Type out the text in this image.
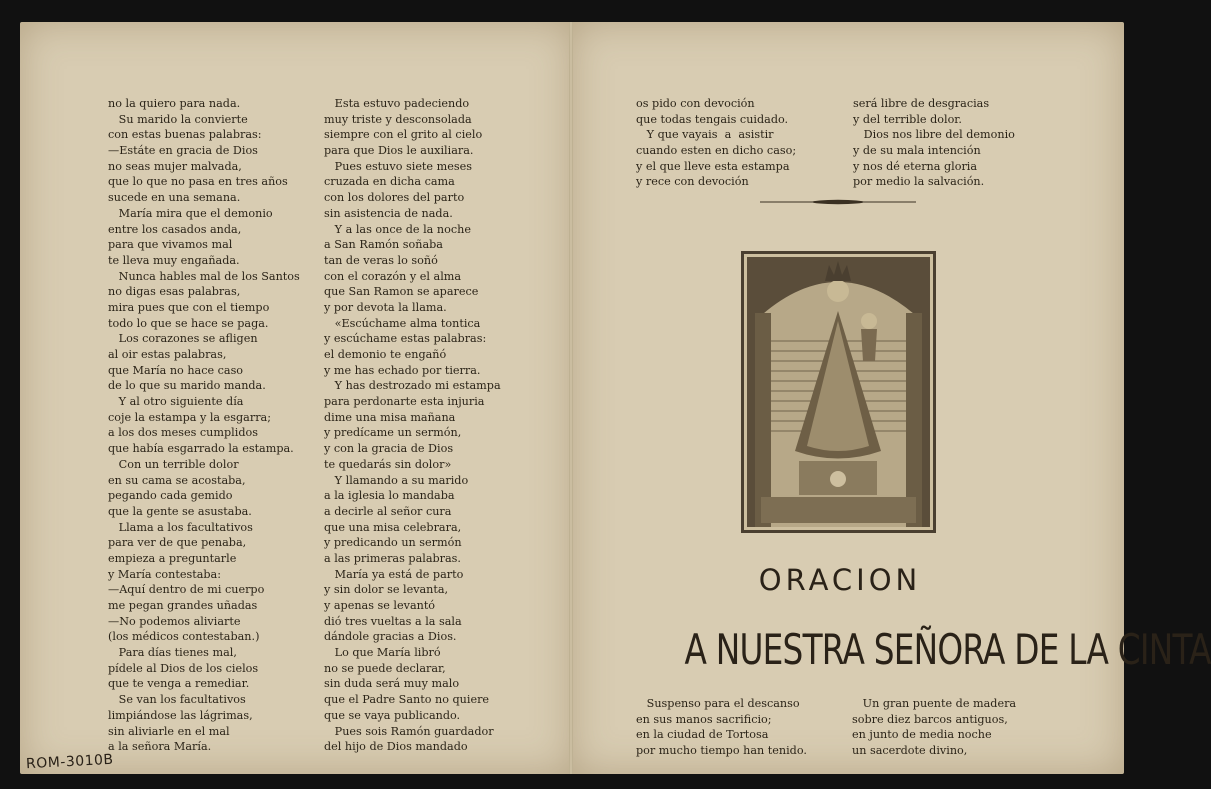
no la quiero para nada.
Su marido la convierte
con estas buenas palabras:
—Estáte en gracia de Dios
no seas mujer malvada,
que lo que no pasa en tres años
sucede en una semana.
María mira que el demonio
entre los casados anda,
para que vivamos mal
te lleva muy engañada.
Nunca hables mal de los Santos
no digas esas palabras,
mira pues que con el tiempo
todo lo que se hace se paga.
Los corazones se afligen
al oir estas palabras,
que María no hace caso
de lo que su marido manda.
Y al otro siguiente día
coje la estampa y la esgarra;
a los dos meses cumplidos
que había esgarrado la estampa.
Con un terrible dolor
en su cama se acostaba,
pegando cada gemido
que la gente se asustaba.
Llama a los facultativos
para ver de que penaba,
empieza a preguntarle
y María contestaba:
—Aquí dentro de mi cuerpo
me pegan grandes uñadas
—No podemos aliviarte
(los médicos contestaban.)
Para días tienes mal,
pídele al Dios de los cielos
que te venga a remediar.
Se van los facultativos
limpiándose las lágrimas,
sin aliviarle en el mal
a la señora María.
Esta estuvo padeciendo
muy triste y desconsolada
siempre con el grito al cielo
para que Dios le auxiliara.
Pues estuvo siete meses
cruzada en dicha cama
con los dolores del parto
sin asistencia de nada.
Y a las once de la noche
a San Ramón soñaba
tan de veras lo soñó
con el corazón y el alma
que San Ramon se aparece
y por devota la llama.
«Escúchame alma tontica
y escúchame estas palabras:
el demonio te engañó
y me has echado por tierra.
Y has destrozado mi estampa
para perdonarte esta injuria
dime una misa mañana
y predícame un sermón,
y con la gracia de Dios
te quedarás sin dolor»
Y llamando a su marido
a la iglesia lo mandaba
a decirle al señor cura
que una misa celebrara,
y predicando un sermón
a las primeras palabras.
María ya está de parto
y sin dolor se levanta,
y apenas se levantó
dió tres vueltas a la sala
dándole gracias a Dios.
Lo que María libró
no se puede declarar,
sin duda será muy malo
que el Padre Santo no quiere
que se vaya publicando.
Pues sois Ramón guardador
del hijo de Dios mandado
os pido con devoción
que todas tengais cuidado.
Y que vayais  a  asistir
cuando esten en dicho caso;
y el que lleve esta estampa
y rece con devoción
será libre de desgracias
y del terrible dolor.
Dios nos libre del demonio
y de su mala intención
y nos dé eterna gloria
por medio la salvación.
ORACION
A NUESTRA SEÑORA DE LA CINTA
Suspenso para el descanso
en sus manos sacrificio;
en la ciudad de Tortosa
por mucho tiempo han tenido.
Un gran puente de madera
sobre diez barcos antiguos,
en junto de media noche
un sacerdote divino,
ROM-3010B
